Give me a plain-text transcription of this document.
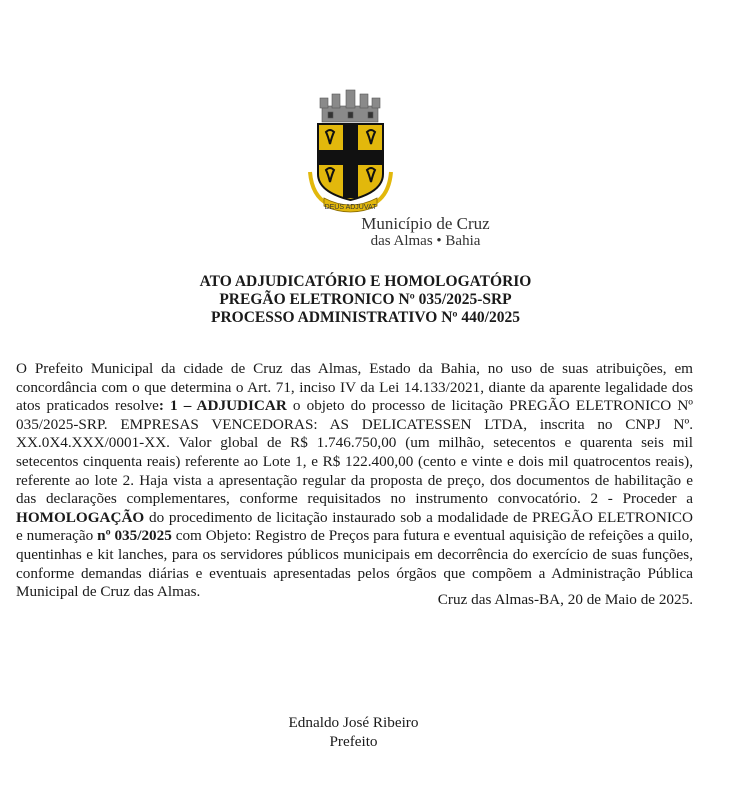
DEUS ADJUVAT
Município de Cruz
das Almas • Bahia
ATO ADJUDICATÓRIO E HOMOLOGATÓRIO
PREGÃO ELETRONICO Nº 035/2025-SRP
PROCESSO ADMINISTRATIVO Nº 440/2025
O Prefeito Municipal da cidade de Cruz das Almas, Estado da Bahia, no uso de suas atribuições, em concordância com o que determina o Art. 71, inciso IV da Lei 14.133/2021, diante da aparente legalidade dos atos praticados resolve: 1 – ADJUDICAR o objeto do processo de licitação PREGÃO ELETRONICO Nº 035/2025-SRP. EMPRESAS VENCEDORAS: AS DELICATESSEN LTDA, inscrita no CNPJ Nº. XX.0X4.XXX/0001-XX. Valor global de R$ 1.746.750,00 (um milhão, setecentos e quarenta seis mil setecentos cinquenta reais) referente ao Lote 1, e R$ 122.400,00 (cento e vinte e dois mil quatrocentos reais), referente ao lote 2. Haja vista a apresentação regular da proposta de preço, dos documentos de habilitação e das declarações complementares, conforme requisitados no instrumento convocatório. 2 - Proceder a HOMOLOGAÇÃO do procedimento de licitação instaurado sob a modalidade de PREGÃO ELETRONICO e numeração nº 035/2025 com Objeto: Registro de Preços para futura e eventual aquisição de refeições a quilo, quentinhas e kit lanches, para os servidores públicos municipais em decorrência do exercício de suas funções, conforme demandas diárias e eventuais apresentadas pelos órgãos que compõem a Administração Pública Municipal de Cruz das Almas.	Cruz das Almas-BA, 20 de Maio de 2025.
Ednaldo José Ribeiro
Prefeito
